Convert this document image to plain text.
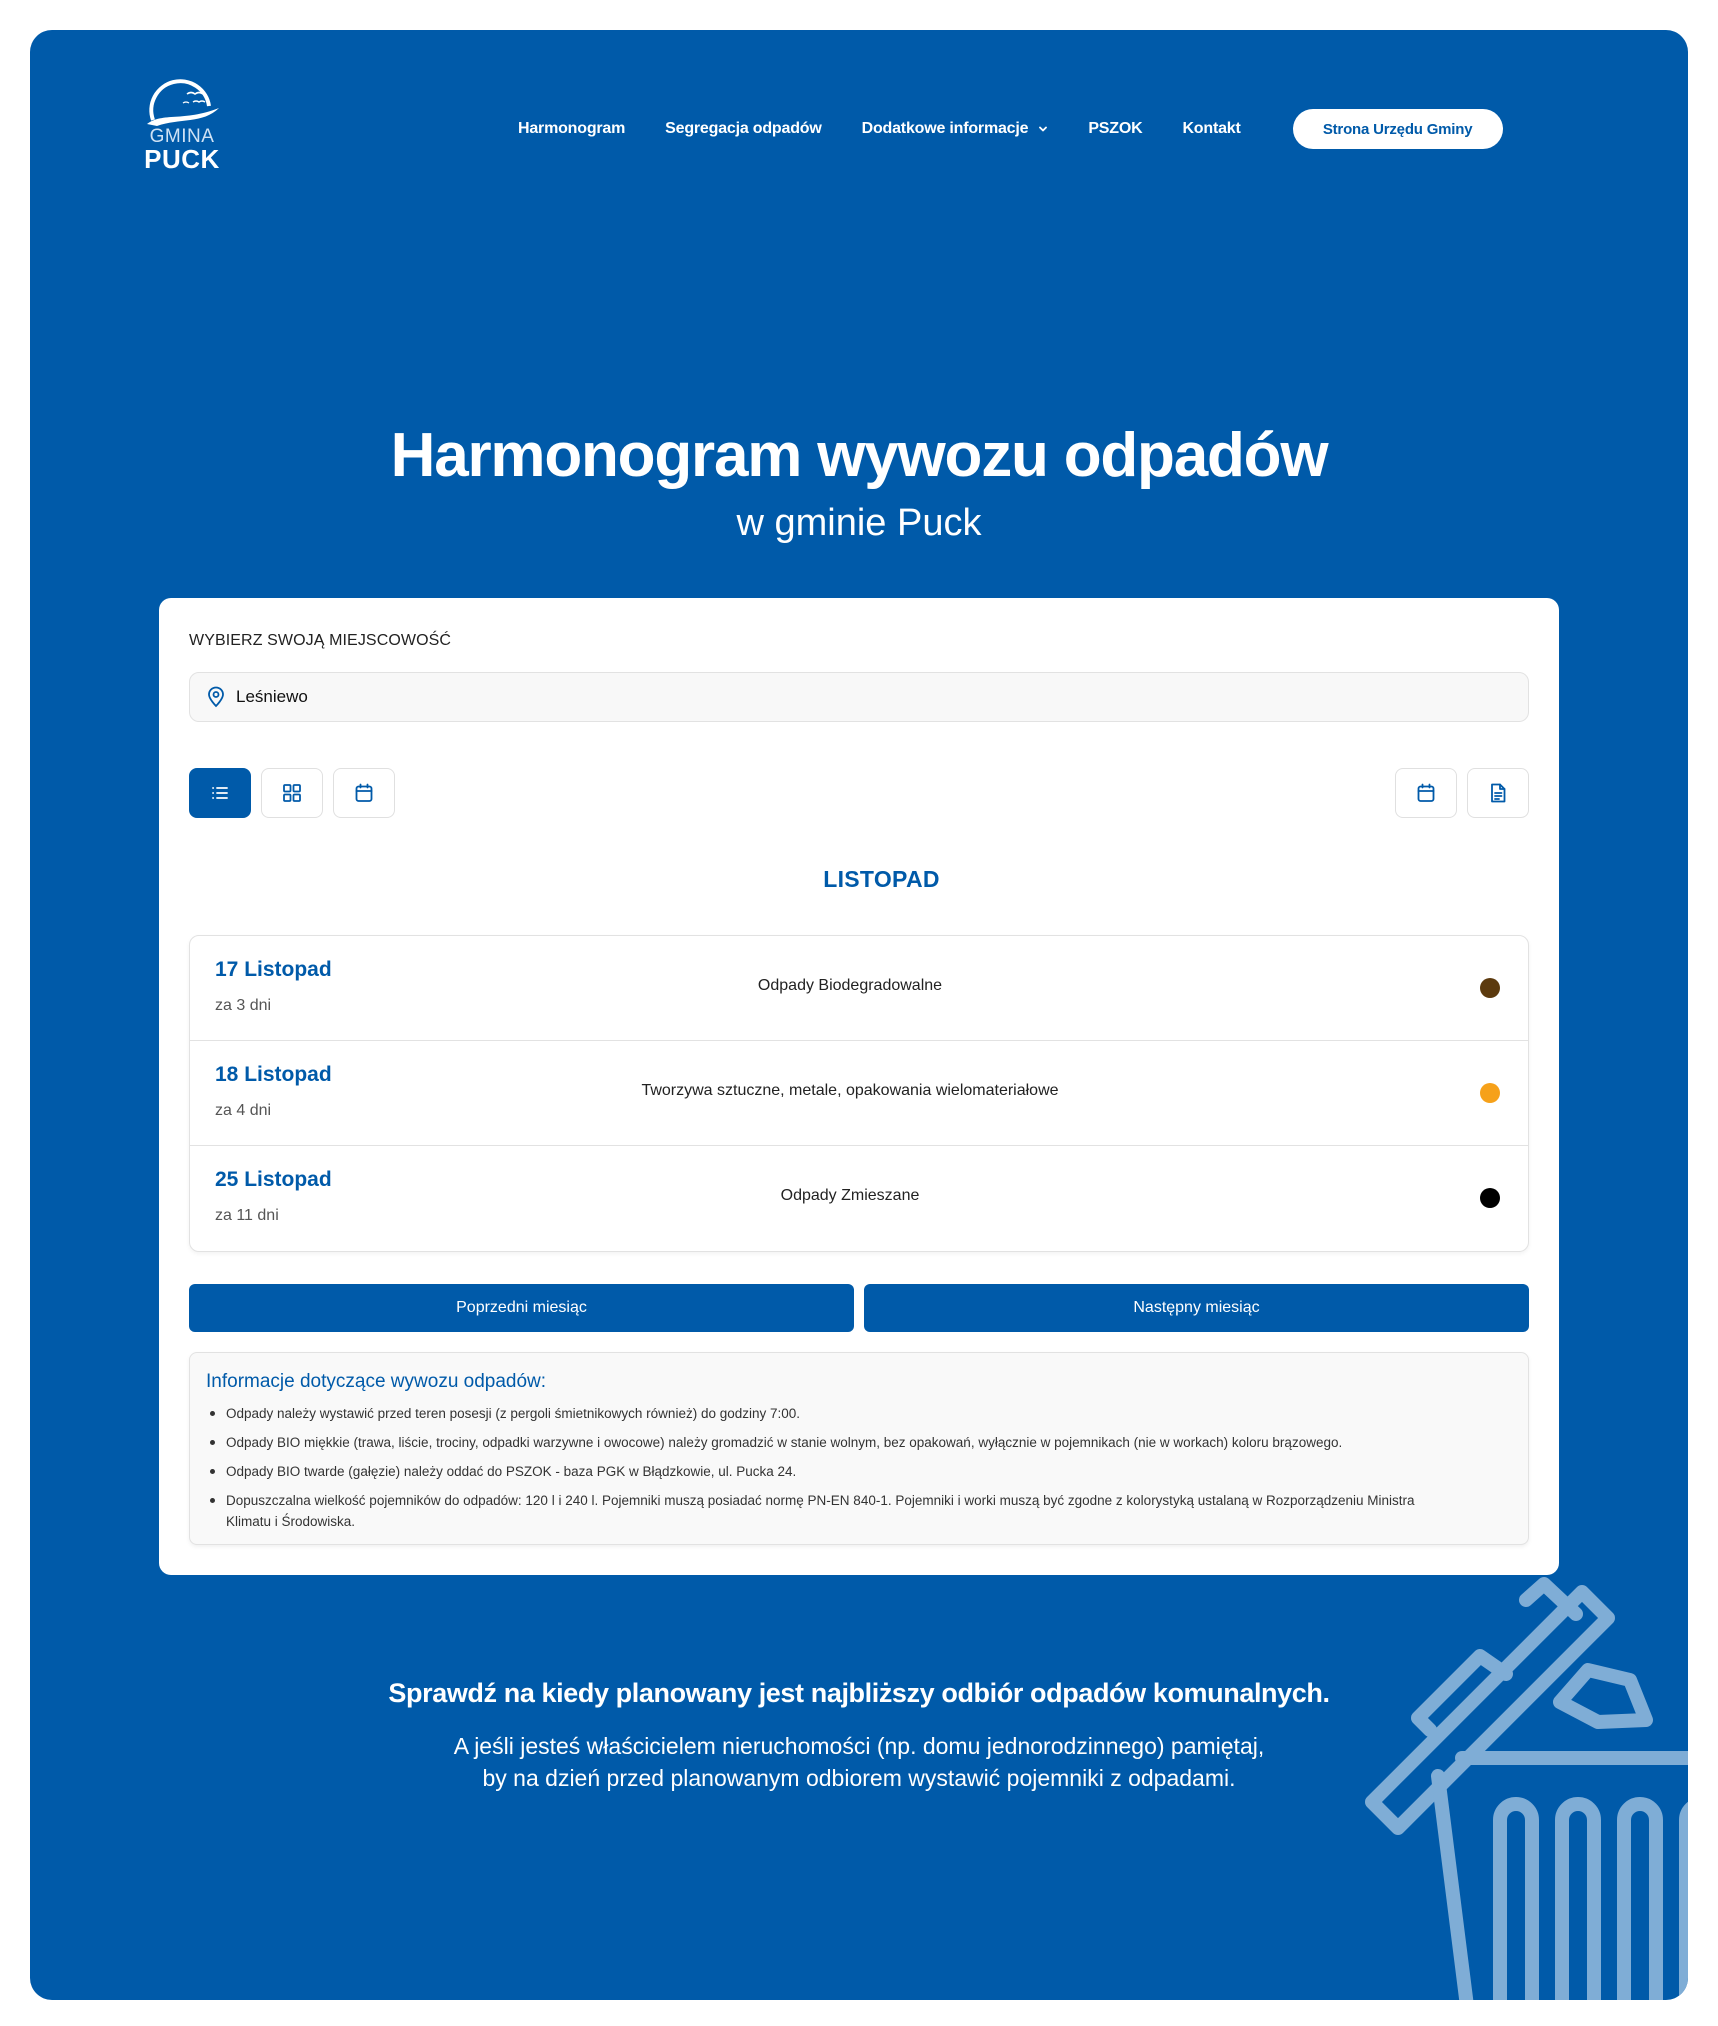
GMINA
PUCK
Harmonogram	Segregacja odpadów	Dodatkowe informacje	PSZOK	Kontakt	Strona Urzędu Gminy
Harmonogram wywozu odpadów
w gminie Puck
WYBIERZ SWOJĄ MIEJSCOWOŚĆ
Leśniewo
LISTOPAD
17 Listopad
za 3 dni
Odpady Biodegradowalne
18 Listopad
za 4 dni
Tworzywa sztuczne, metale, opakowania wielomateriałowe
25 Listopad
za 11 dni
Odpady Zmieszane
Poprzedni miesiąc	Następny miesiąc
Informacje dotyczące wywozu odpadów:
Odpady należy wystawić przed teren posesji (z pergoli śmietnikowych również) do godziny 7:00.
Odpady BIO miękkie (trawa, liście, trociny, odpadki warzywne i owocowe) należy gromadzić w stanie wolnym, bez opakowań, wyłącznie w pojemnikach (nie w workach) koloru brązowego.
Odpady BIO twarde (gałęzie) należy oddać do PSZOK - baza PGK w Błądzkowie, ul. Pucka 24.
Dopuszczalna wielkość pojemników do odpadów: 120 l i 240 l. Pojemniki muszą posiadać normę PN-EN 840-1. Pojemniki i worki muszą być zgodne z kolorystyką ustalaną w Rozporządzeniu Ministra Klimatu i Środowiska.
Sprawdź na kiedy planowany jest najbliższy odbiór odpadów komunalnych.
A jeśli jesteś właścicielem nieruchomości (np. domu jednorodzinnego) pamiętaj,
by na dzień przed planowanym odbiorem wystawić pojemniki z odpadami.
